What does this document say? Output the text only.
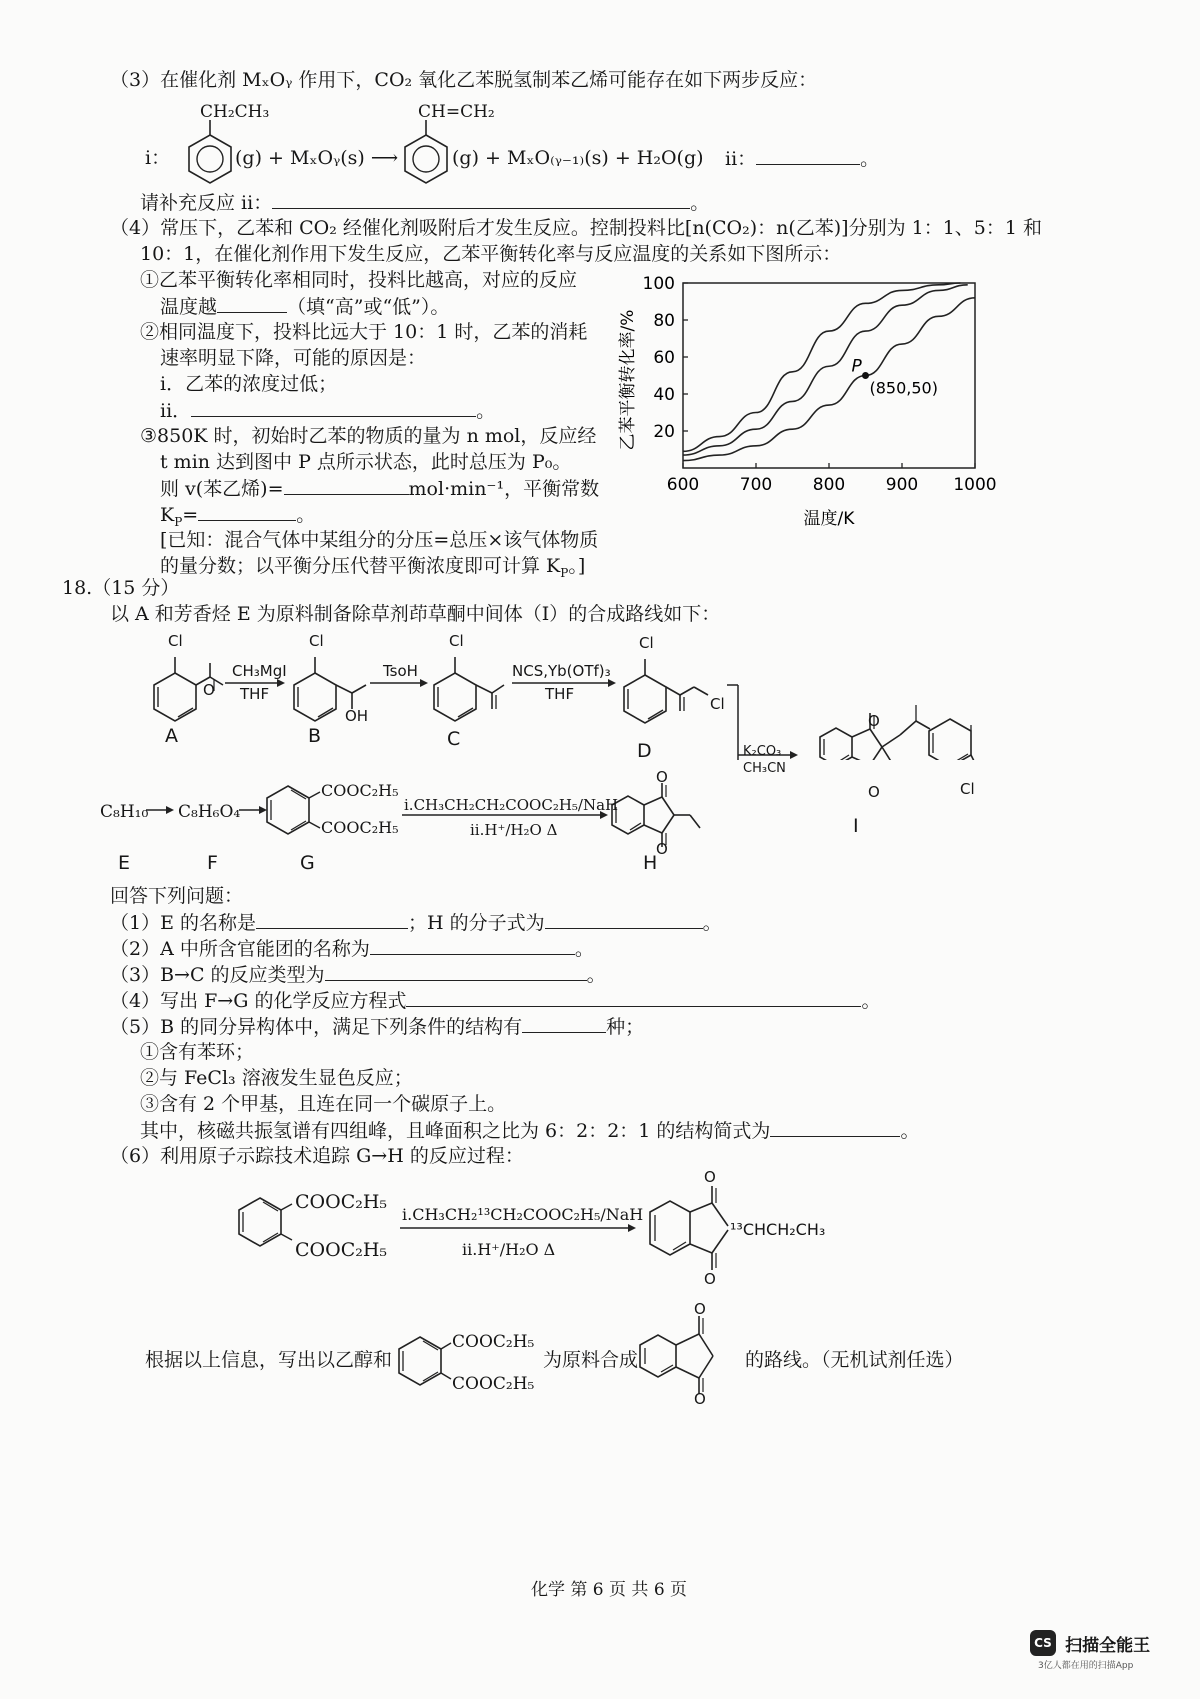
（3）在催化剂 MₓOᵧ 作用下，CO₂ 氧化乙苯脱氢制苯乙烯可能存在如下两步反应：
CH₂CH₃	CH=CH₂
i：	(g) + MₓOᵧ(s) ⟶	(g) + MₓO₍ᵧ₋₁₎(s) + H₂O(g) ii：	。
请补充反应 ii：	。
（4）常压下，乙苯和 CO₂ 经催化剂吸附后才发生反应。控制投料比[n(CO₂)：n(乙苯)]分别为 1：1、5：1 和
10：1，在催化剂作用下发生反应，乙苯平衡转化率与反应温度的关系如下图所示：
①乙苯平衡转化率相同时，投料比越高，对应的反应
温度越	（填“高”或“低”）。
②相同温度下，投料比远大于 10：1 时，乙苯的消耗
速率明显下降，可能的原因是：
i．乙苯的浓度过低；
ii．	。
③850K 时，初始时乙苯的物质的量为 n mol，反应经
t min 达到图中 P 点所示状态，此时总压为 P₀。
则 v(苯乙烯)=	mol·min⁻¹，平衡常数
$K_P=$	。
[已知：混合气体中某组分的分压=总压×该气体物质
的量分数；以平衡分压代替平衡浓度即可计算 $K_P$。]
600 700 800 900 1000
20
40
60
80
100
P
(850,50)
乙苯平衡转化率/%
温度/K
18.（15 分）
以 A 和芳香烃 E 为原料制备除草剂茚草酮中间体（Ⅰ）的合成路线如下：
Cl
O
Cl
OH
Cl	Cl
Cl
CH₃MgI
THF
TsoH	NCS,Yb(OTf)₃
THF
A	B	C
D	K₂CO₃
CH₃CN
O
O	Cl
I
C₈H₁₀ C₈H₆O₄
COOC₂H₅
COOC₂H₅
i.CH₃CH₂CH₂COOC₂H₅/NaH
ii.H⁺/H₂O Δ
O
O
E	F	G	H
回答下列问题：
（1）E 的名称是	；H 的分子式为	。
（2）A 中所含官能团的名称为	。
（3）B→C 的反应类型为	。
（4）写出 F→G 的化学反应方程式	。
（5）B 的同分异构体中，满足下列条件的结构有	种；
①含有苯环；
②与 FeCl₃ 溶液发生显色反应；
③含有 2 个甲基，且连在同一个碳原子上。
其中，核磁共振氢谱有四组峰，且峰面积之比为 6：2：2：1 的结构简式为	。
（6）利用原子示踪技术追踪 G→H 的反应过程：
COOC₂H₅
COOC₂H₅
i.CH₃CH₂¹³CH₂COOC₂H₅/NaH
ii.H⁺/H₂O Δ
O
O
¹³CHCH₂CH₃
根据以上信息，写出以乙醇和
COOC₂H₅
COOC₂H₅
为原料合成
O
O
的路线。（无机试剂任选）
化学 第 6 页 共 6 页
CS 扫描全能王
3亿人都在用的扫描App
